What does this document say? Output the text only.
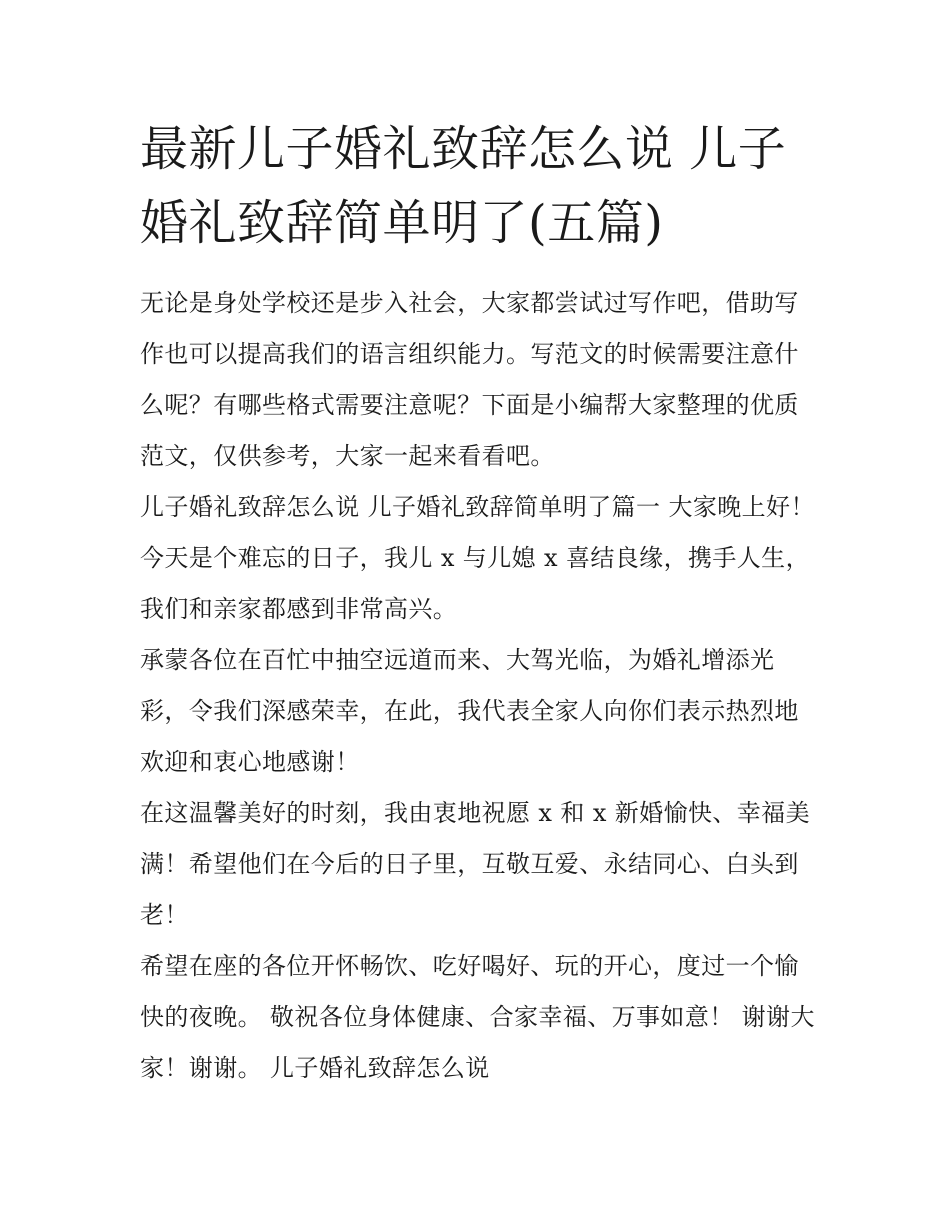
最新儿子婚礼致辞怎么说 儿子婚礼致辞简单明了(五篇)

无论是身处学校还是步入社会，大家都尝试过写作吧，借助写作也可以提高我们的语言组织能力。写范文的时候需要注意什么呢？有哪些格式需要注意呢？下面是小编帮大家整理的优质范文，仅供参考，大家一起来看看吧。

儿子婚礼致辞怎么说 儿子婚礼致辞简单明了篇一 大家晚上好！ 今天是个难忘的日子，我儿 x 与儿媳 x 喜结良缘，携手人生，我们和亲家都感到非常高兴。

承蒙各位在百忙中抽空远道而来、大驾光临，为婚礼增添光彩，令我们深感荣幸，在此，我代表全家人向你们表示热烈地欢迎和衷心地感谢！

在这温馨美好的时刻，我由衷地祝愿 x 和 x 新婚愉快、幸福美满！希望他们在今后的日子里，互敬互爱、永结同心、白头到老！

希望在座的各位开怀畅饮、吃好喝好、玩的开心，度过一个愉快的夜晚。 敬祝各位身体健康、合家幸福、万事如意！ 谢谢大家！谢谢。 儿子婚礼致辞怎么说
